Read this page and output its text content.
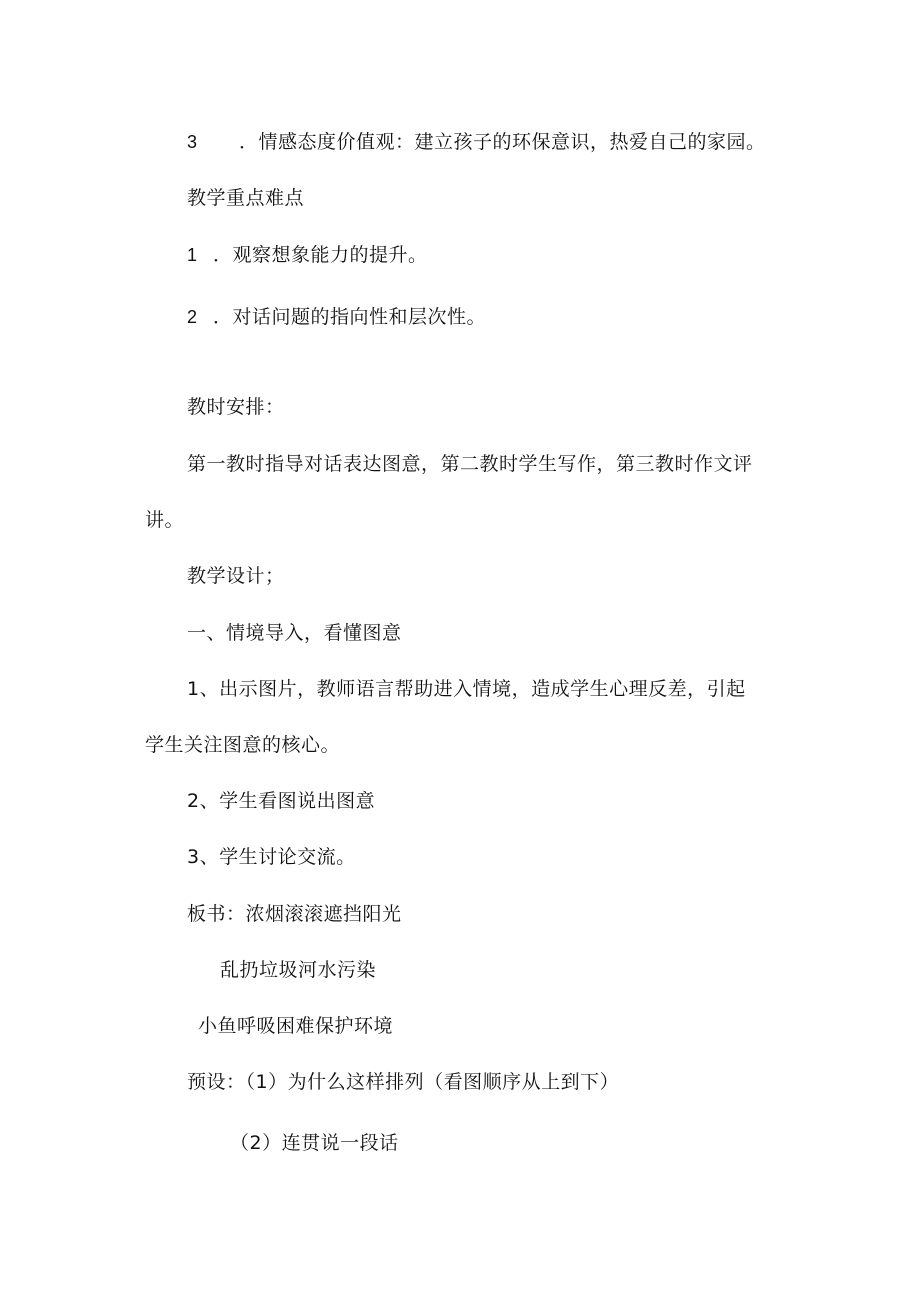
3 ．情感态度价值观：建立孩子的环保意识，热爱自己的家园。
教学重点难点
1 ．观察想象能力的提升。
2 ．对话问题的指向性和层次性。
教时安排：
第一教时指导对话表达图意，第二教时学生写作，第三教时作文评
讲。
教学设计；
一、情境导入，看懂图意
1、出示图片，教师语言帮助进入情境，造成学生心理反差，引起
学生关注图意的核心。
2、学生看图说出图意
3、学生讨论交流。
板书：浓烟滚滚遮挡阳光
乱扔垃圾河水污染
小鱼呼吸困难保护环境
预设：（1）为什么这样排列（看图顺序从上到下）
（2）连贯说一段话
